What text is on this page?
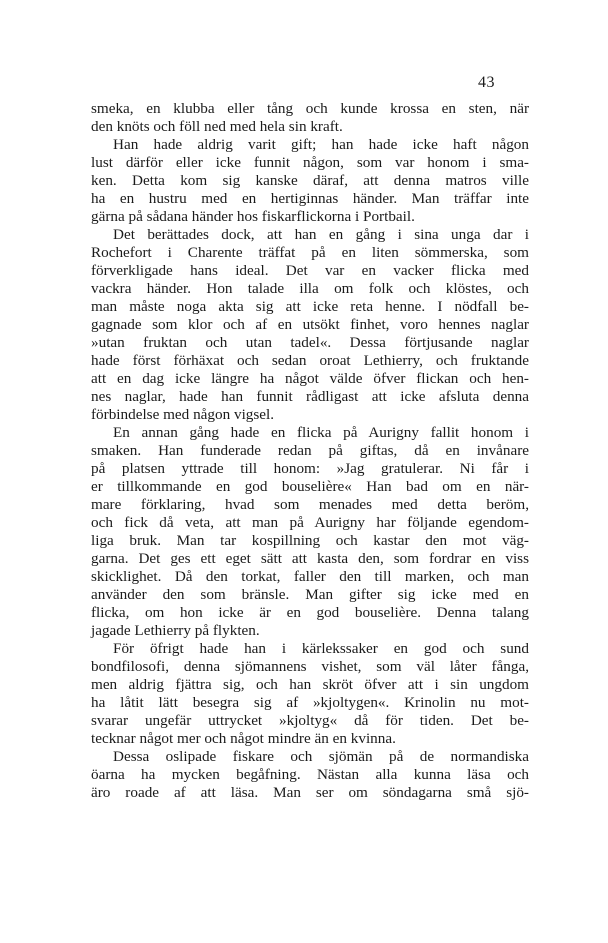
43
smeka, en klubba eller tång och kunde krossa en sten, när
den knöts och föll ned med hela sin kraft.
Han hade aldrig varit gift; han hade icke haft någon
lust därför eller icke funnit någon, som var honom i sma-
ken. Detta kom sig kanske däraf, att denna matros ville
ha en hustru med en hertiginnas händer. Man träffar inte
gärna på sådana händer hos fiskarflickorna i Portbail.
Det berättades dock, att han en gång i sina unga dar i
Rochefort i Charente träffat på en liten sömmerska, som
förverkligade hans ideal. Det var en vacker flicka med
vackra händer. Hon talade illa om folk och klöstes, och
man måste noga akta sig att icke reta henne. I nödfall be-
gagnade som klor och af en utsökt finhet, voro hennes naglar
»utan fruktan och utan tadel«. Dessa förtjusande naglar
hade först förhäxat och sedan oroat Lethierry, och fruktande
att en dag icke längre ha något välde öfver flickan och hen-
nes naglar, hade han funnit rådligast att icke afsluta denna
förbindelse med någon vigsel.
En annan gång hade en flicka på Aurigny fallit honom i
smaken. Han funderade redan på giftas, då en invånare
på platsen yttrade till honom: »Jag gratulerar. Ni får i
er tillkommande en god bouselière« Han bad om en när-
mare förklaring, hvad som menades med detta beröm,
och fick då veta, att man på Aurigny har följande egendom-
liga bruk. Man tar kospillning och kastar den mot väg-
garna. Det ges ett eget sätt att kasta den, som fordrar en viss
skicklighet. Då den torkat, faller den till marken, och man
använder den som bränsle. Man gifter sig icke med en
flicka, om hon icke är en god bouselière. Denna talang
jagade Lethierry på flykten.
För öfrigt hade han i kärlekssaker en god och sund
bondfilosofi, denna sjömannens vishet, som väl låter fånga,
men aldrig fjättra sig, och han skröt öfver att i sin ungdom
ha låtit lätt besegra sig af »kjoltygen«. Krinolin nu mot-
svarar ungefär uttrycket »kjoltyg« då för tiden. Det be-
tecknar något mer och något mindre än en kvinna.
Dessa oslipade fiskare och sjömän på de normandiska
öarna ha mycken begåfning. Nästan alla kunna läsa och
äro roade af att läsa. Man ser om söndagarna små sjö-
